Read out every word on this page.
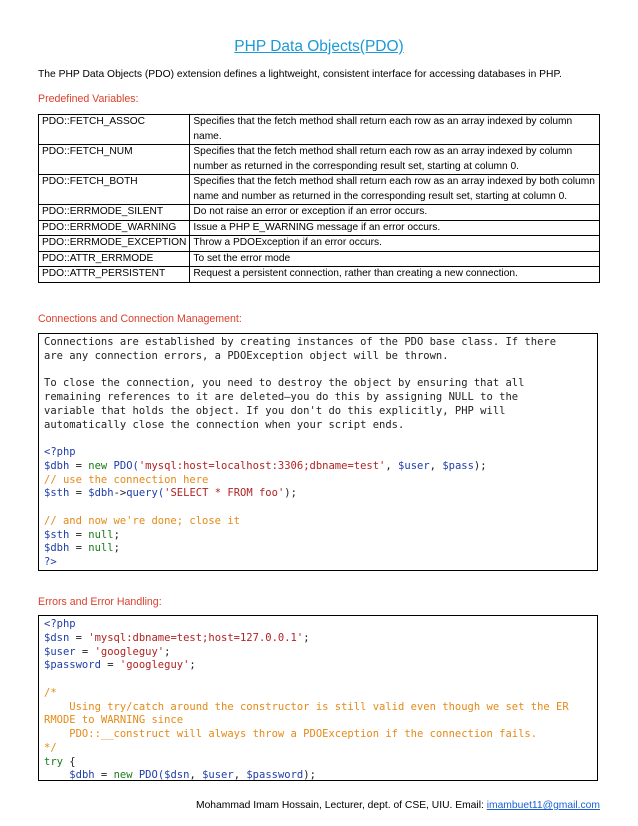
PHP Data Objects(PDO)
The PHP Data Objects (PDO) extension defines a lightweight, consistent interface for accessing databases in PHP.
Predefined Variables:
PDO::FETCH_ASSOC	Specifies that the fetch method shall return each row as an array indexed by column name.
PDO::FETCH_NUM	Specifies that the fetch method shall return each row as an array indexed by column number as returned in the corresponding result set, starting at column 0.
PDO::FETCH_BOTH	Specifies that the fetch method shall return each row as an array indexed by both column name and number as returned in the corresponding result set, starting at column 0.
PDO::ERRMODE_SILENT	Do not raise an error or exception if an error occurs.
PDO::ERRMODE_WARNING	Issue a PHP E_WARNING message if an error occurs.
PDO::ERRMODE_EXCEPTION	Throw a PDOException if an error occurs.
PDO::ATTR_ERRMODE	To set the error mode
PDO::ATTR_PERSISTENT	Request a persistent connection, rather than creating a new connection.
Connections and Connection Management:
Connections are established by creating instances of the PDO base class. If there
are any connection errors, a PDOException object will be thrown.

To close the connection, you need to destroy the object by ensuring that all
remaining references to it are deleted—you do this by assigning NULL to the
variable that holds the object. If you don't do this explicitly, PHP will
automatically close the connection when your script ends.

<?php
$dbh = new PDO('mysql:host=localhost:3306;dbname=test', $user, $pass);
// use the connection here
$sth = $dbh->query('SELECT * FROM foo');

// and now we're done; close it
$sth = null;
$dbh = null;
?>
Errors and Error Handling:
<?php
$dsn = 'mysql:dbname=test;host=127.0.0.1';
$user = 'googleguy';
$password = 'googleguy';

/*
Using try/catch around the constructor is still valid even though we set the ER
RMODE to WARNING since
PDO::__construct will always throw a PDOException if the connection fails.
*/
try {
$dbh = new PDO($dsn, $user, $password);
Mohammad Imam Hossain, Lecturer, dept. of CSE, UIU. Email: imambuet11@gmail.com
